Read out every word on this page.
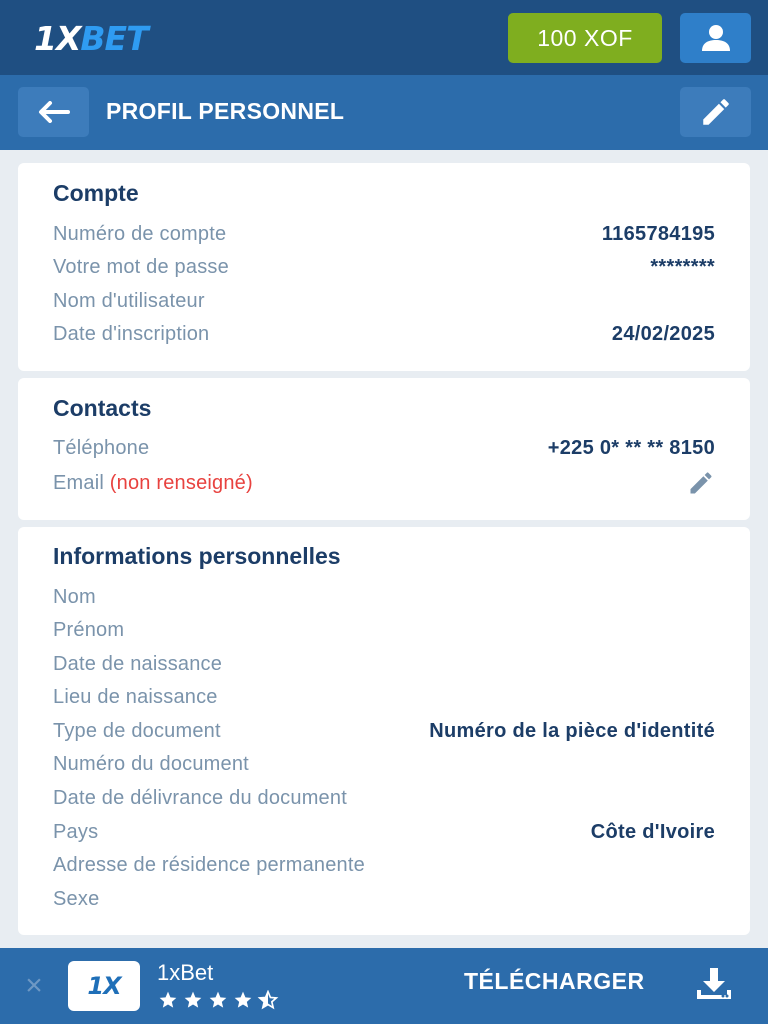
1XBET	100 XOF
PROFIL PERSONNEL
Compte
Numéro de compte	1165784195
Votre mot de passe	********
Nom d'utilisateur
Date d'inscription	24/02/2025
Contacts
Téléphone	+225 0* ** ** 8150
Email (non renseigné)
Informations personnelles
Nom
Prénom
Date de naissance
Lieu de naissance
Type de document	Numéro de la pièce d'identité
Numéro du document
Date de délivrance du document
Pays	Côte d'Ivoire
Adresse de résidence permanente
Sexe
×	1X 1xBet	TÉLÉCHARGER
